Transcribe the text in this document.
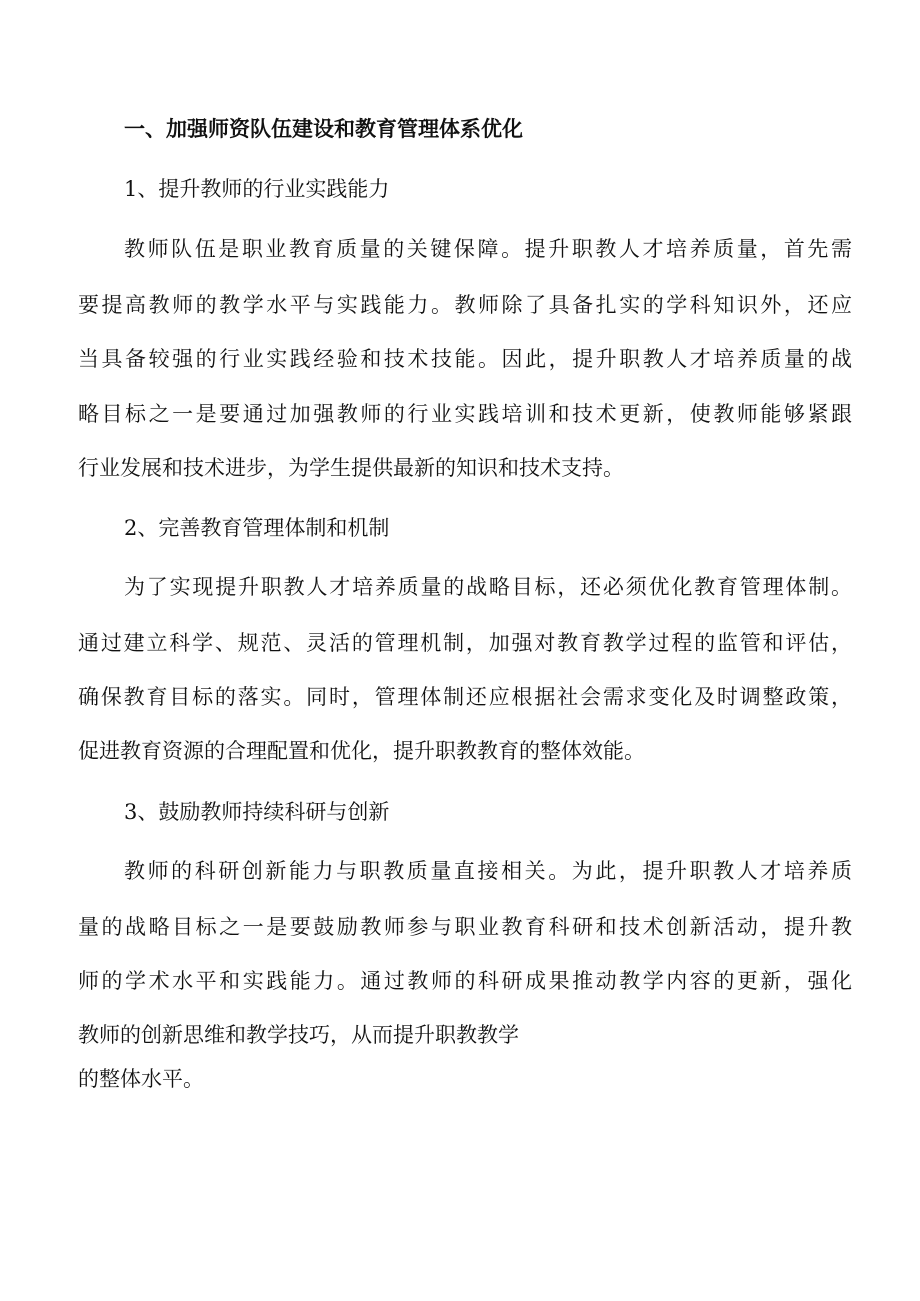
一、加强师资队伍建设和教育管理体系优化

1、提升教师的行业实践能力

教师队伍是职业教育质量的关键保障。提升职教人才培养质量，首先需

要提高教师的教学水平与实践能力。教师除了具备扎实的学科知识外，还应

当具备较强的行业实践经验和技术技能。因此，提升职教人才培养质量的战

略目标之一是要通过加强教师的行业实践培训和技术更新，使教师能够紧跟

行业发展和技术进步，为学生提供最新的知识和技术支持。

2、完善教育管理体制和机制

为了实现提升职教人才培养质量的战略目标，还必须优化教育管理体制。

通过建立科学、规范、灵活的管理机制，加强对教育教学过程的监管和评估，

确保教育目标的落实。同时，管理体制还应根据社会需求变化及时调整政策，

促进教育资源的合理配置和优化，提升职教教育的整体效能。

3、鼓励教师持续科研与创新

教师的科研创新能力与职教质量直接相关。为此，提升职教人才培养质

量的战略目标之一是要鼓励教师参与职业教育科研和技术创新活动，提升教

师的学术水平和实践能力。通过教师的科研成果推动教学内容的更新，强化

教师的创新思维和教学技巧，从而提升职教教学

的整体水平。
